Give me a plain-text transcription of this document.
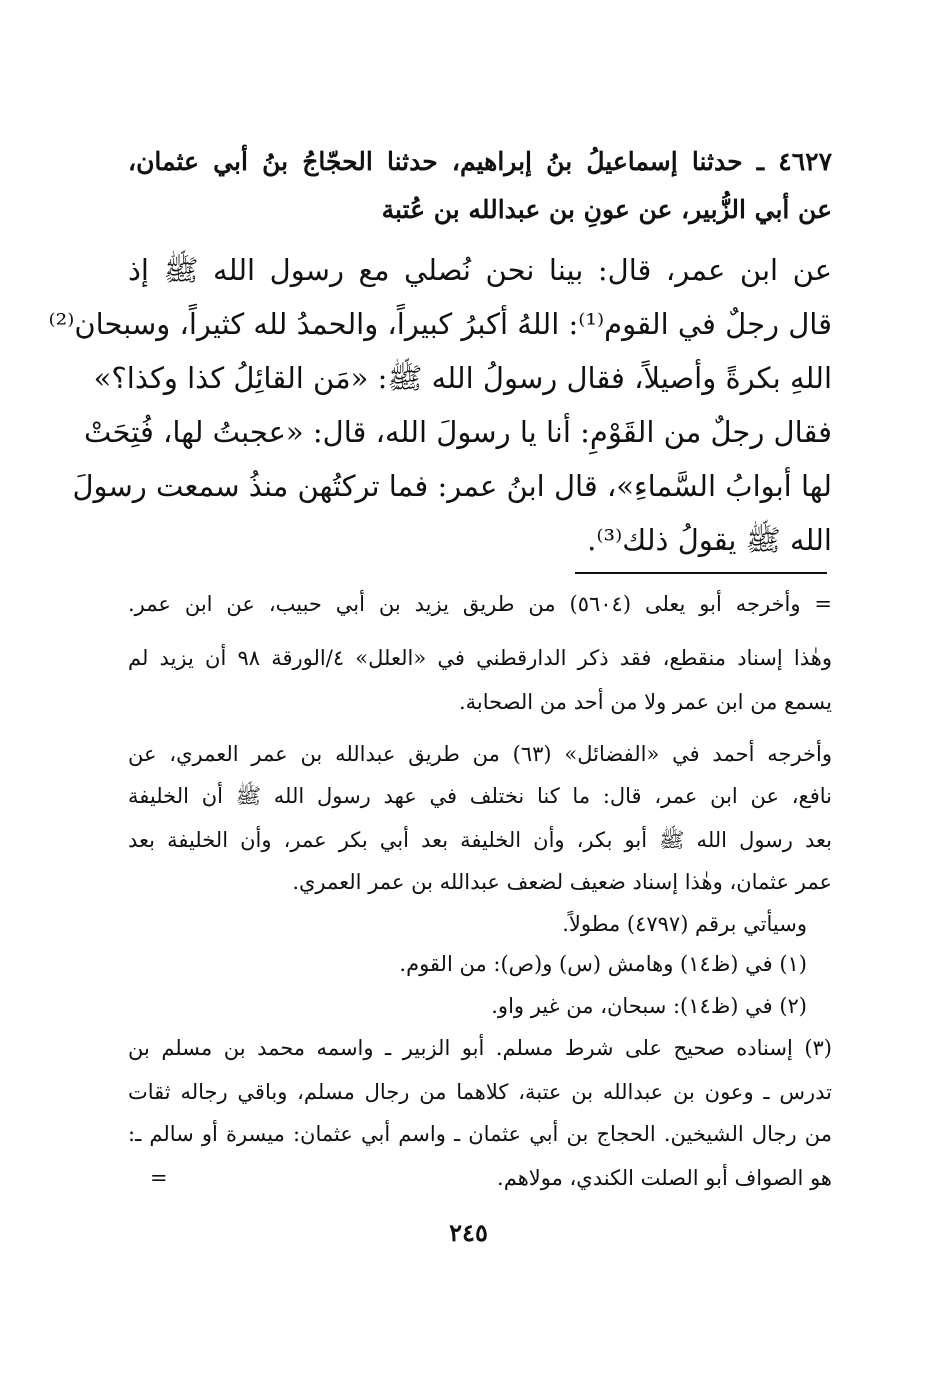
٤٦٢٧ ـ حدثنا إسماعيلُ بنُ إبراهيم، حدثنا الحجّاجُ بنُ أبي عثمان،
عن أبي الزُّبير، عن عونِ بن عبدالله بن عُتبة
عن ابن عمر، قال: بينا نحن نُصلي مع رسول الله ﷺ إذ
قال رجلٌ في القوم⁽¹⁾: اللهُ أكبرُ كبيراً، والحمدُ لله كثيراً، وسبحان⁽²⁾
اللهِ بكرةً وأصيلاً، فقال رسولُ الله ﷺ: «مَن القائِلُ كذا وكذا؟»
فقال رجلٌ من القَوْمِ: أنا يا رسولَ الله، قال: «عجبتُ لها، فُتِحَتْ
لها أبوابُ السَّماءِ»، قال ابنُ عمر: فما تركتُهن منذُ سمعت رسولَ
الله ﷺ يقولُ ذلك⁽³⁾.
= وأخرجه أبو يعلى (٥٦٠٤) من طريق يزيد بن أبي حبيب، عن ابن عمر.
وهٰذا إسناد منقطع، فقد ذكر الدارقطني في «العلل» ٤/الورقة ٩٨ أن يزيد لم
يسمع من ابن عمر ولا من أحد من الصحابة.
وأخرجه أحمد في «الفضائل» (٦٣) من طريق عبدالله بن عمر العمري، عن
نافع، عن ابن عمر، قال: ما كنا نختلف في عهد رسول الله ﷺ أن الخليفة
بعد رسول الله ﷺ أبو بكر، وأن الخليفة بعد أبي بكر عمر، وأن الخليفة بعد
عمر عثمان، وهٰذا إسناد ضعيف لضعف عبدالله بن عمر العمري.
وسيأتي برقم (٤٧٩٧) مطولاً.
(١) في (ظ١٤) وهامش (س) و(ص): من القوم.
(٢) في (ظ١٤): سبحان، من غير واو.
(٣) إسناده صحيح على شرط مسلم. أبو الزبير ـ واسمه محمد بن مسلم بن
تدرس ـ وعون بن عبدالله بن عتبة، كلاهما من رجال مسلم، وباقي رجاله ثقات
من رجال الشيخين. الحجاج بن أبي عثمان ـ واسم أبي عثمان: ميسرة أو سالم ـ:
هو الصواف أبو الصلت الكندي، مولاهم.
=
٢٤٥
